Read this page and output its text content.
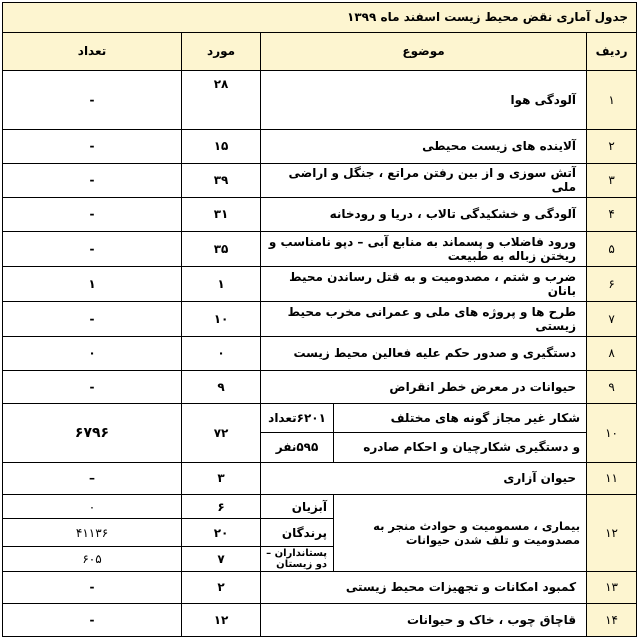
جدول آماری نقض محیط زیست اسفند ماه ۱۳۹۹				
ردیف	موضوع		مورد	تعداد
۱	آلودگی هوا		۲۸	-
۲	آلاینده های زیست محیطی		۱۵	-
۳	آتش سوزی و از بین رفتن مراتع ، جنگل و اراضی ملی		۳۹	-
۴	آلودگی و خشکیدگی تالاب ، دریا و رودخانه		۳۱	-
۵	ورود فاضلاب و پسماند به منابع آبی – دپو نامناسب و ریختن زباله به طبیعت		۳۵	-
۶	ضرب و شتم ، مصدومیت و به قتل رساندن محیط بانان		۱	۱
۷	طرح ها و پروژه های ملی و عمرانی مخرب محیط زیستی		۱۰	-
۸	دستگیری و صدور حکم علیه فعالین محیط زیست		۰	۰
۹	حیوانات در معرض خطر انقراض		۹	-
۱۰	شکار غیر مجاز گونه های مختلف	۶۲۰۱تعداد	۷۲	۶۷۹۶
	و دستگیری شکارچیان و احکام صادره	۵۹۵نفر		
۱۱	حیوان آزاری		۳	–
۱۲	بیماری ، مسمومیت و حوادث منجر به مصدومیت و تلف شدن حیوانات	آبزیان	۶	۰
		پرندگان	۲۰	۴۱۱۳۶
		پستانداران – دو زیستان	۷	۶۰۵
۱۳	کمبود امکانات و تجهیزات محیط زیستی		۲	-
۱۴	قاچاق چوب ، خاک و حیوانات		۱۲	-
